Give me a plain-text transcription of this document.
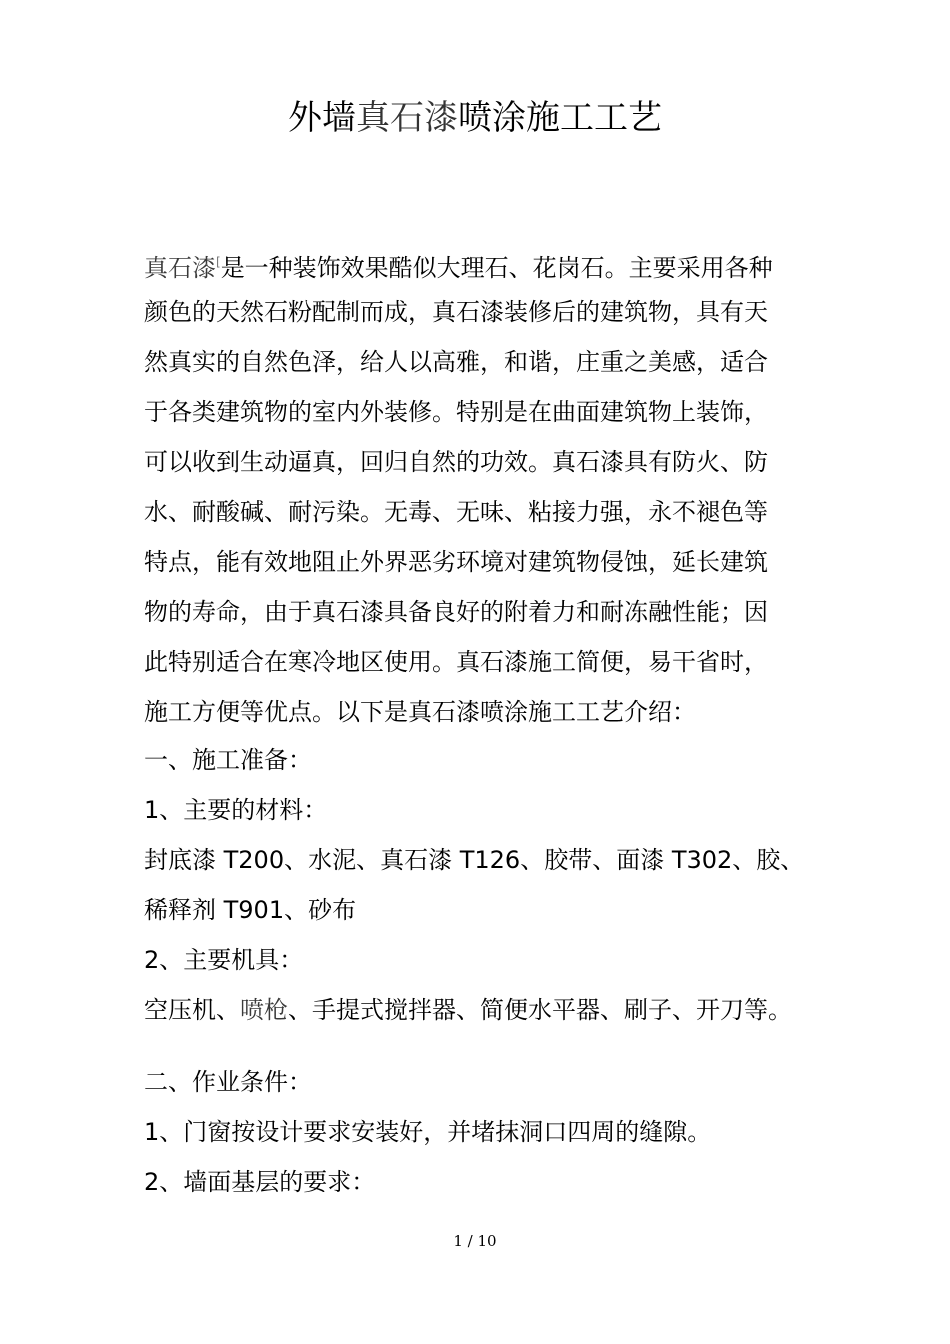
外墙真石漆喷涂施工工艺
真石漆[是一种装饰效果酷似大理石、花岗石。主要采用各种
颜色的天然石粉配制而成，真石漆装修后的建筑物，具有天
然真实的自然色泽，给人以高雅，和谐，庄重之美感，适合
于各类建筑物的室内外装修。特别是在曲面建筑物上装饰，
可以收到生动逼真，回归自然的功效。真石漆具有防火、防
水、耐酸碱、耐污染。无毒、无味、粘接力强，永不褪色等
特点，能有效地阻止外界恶劣环境对建筑物侵蚀，延长建筑
物的寿命，由于真石漆具备良好的附着力和耐冻融性能；因
此特别适合在寒冷地区使用。真石漆施工简便，易干省时，
施工方便等优点。以下是真石漆喷涂施工工艺介绍：
一、施工准备：
1、主要的材料：
封底漆 T200、水泥、真石漆 T126、胶带、面漆 T302、胶、
稀释剂 T901、砂布
2、主要机具：
空压机、喷枪、手提式搅拌器、简便水平器、刷子、开刀等。
二、作业条件：
1、门窗按设计要求安装好，并堵抹洞口四周的缝隙。
2、墙面基层的要求：
1 / 10
